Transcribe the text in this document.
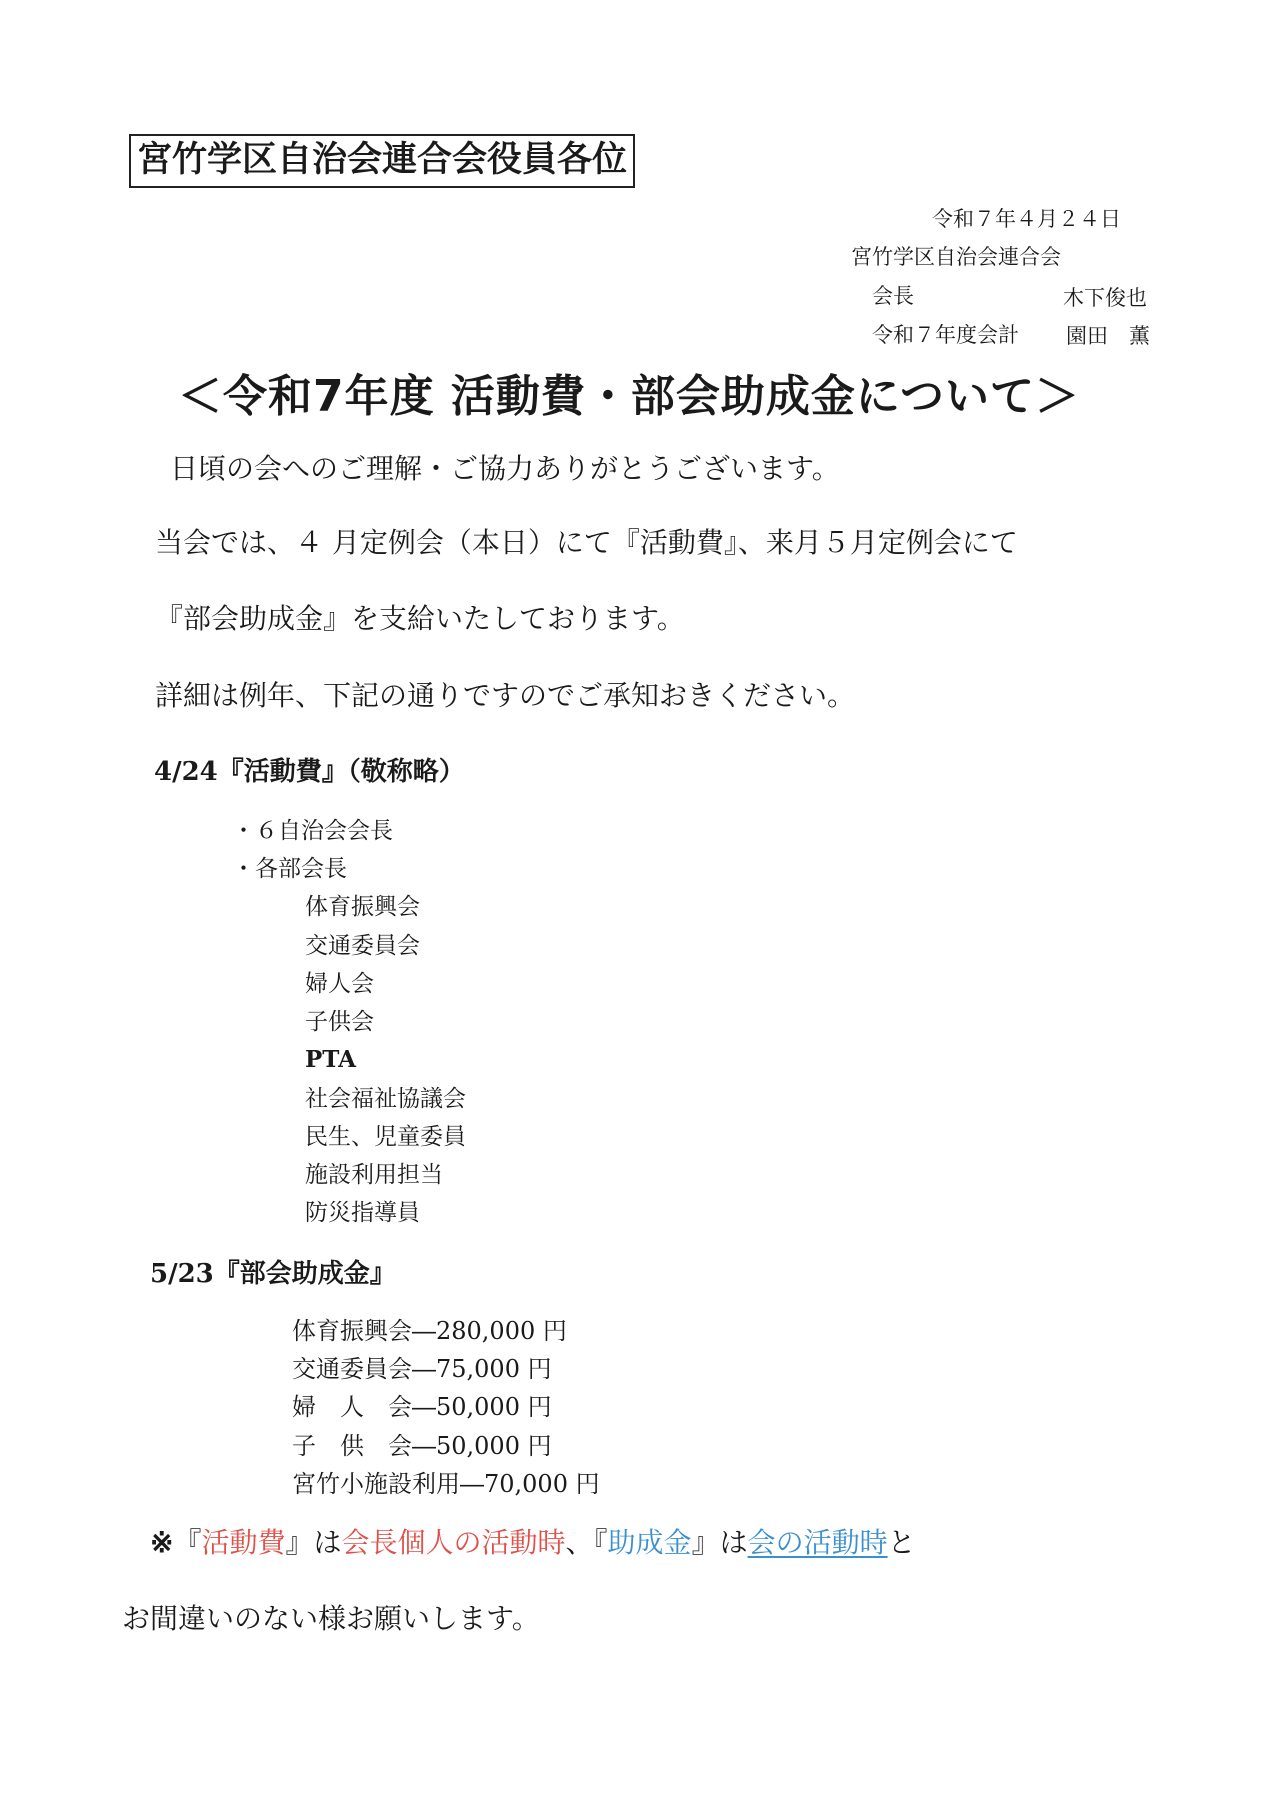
宮竹学区自治会連合会役員各位
令和７年４月２４日
宮竹学区自治会連合会
会長	木下俊也
令和７年度会計 園田　薫
＜令和7年度 活動費・部会助成金について＞
日頃の会へのご理解・ご協力ありがとうございます。
当会では、４ 月定例会（本日）にて『活動費』、来月５月定例会にて
『部会助成金』を支給いたしております。
詳細は例年、下記の通りですのでご承知おきください。
4/24『活動費』（敬称略）
・６自治会会長
・各部会長
体育振興会
交通委員会
婦人会
子供会
PTA
社会福祉協議会
民生、児童委員
施設利用担当
防災指導員
5/23『部会助成金』
体育振興会―280,000 円
交通委員会―75,000 円
婦　人　会―50,000 円
子　供　会―50,000 円
宮竹小施設利用―70,000 円
※『活動費』は会長個人の活動時、『助成金』は会の活動時と
お間違いのない様お願いします。
